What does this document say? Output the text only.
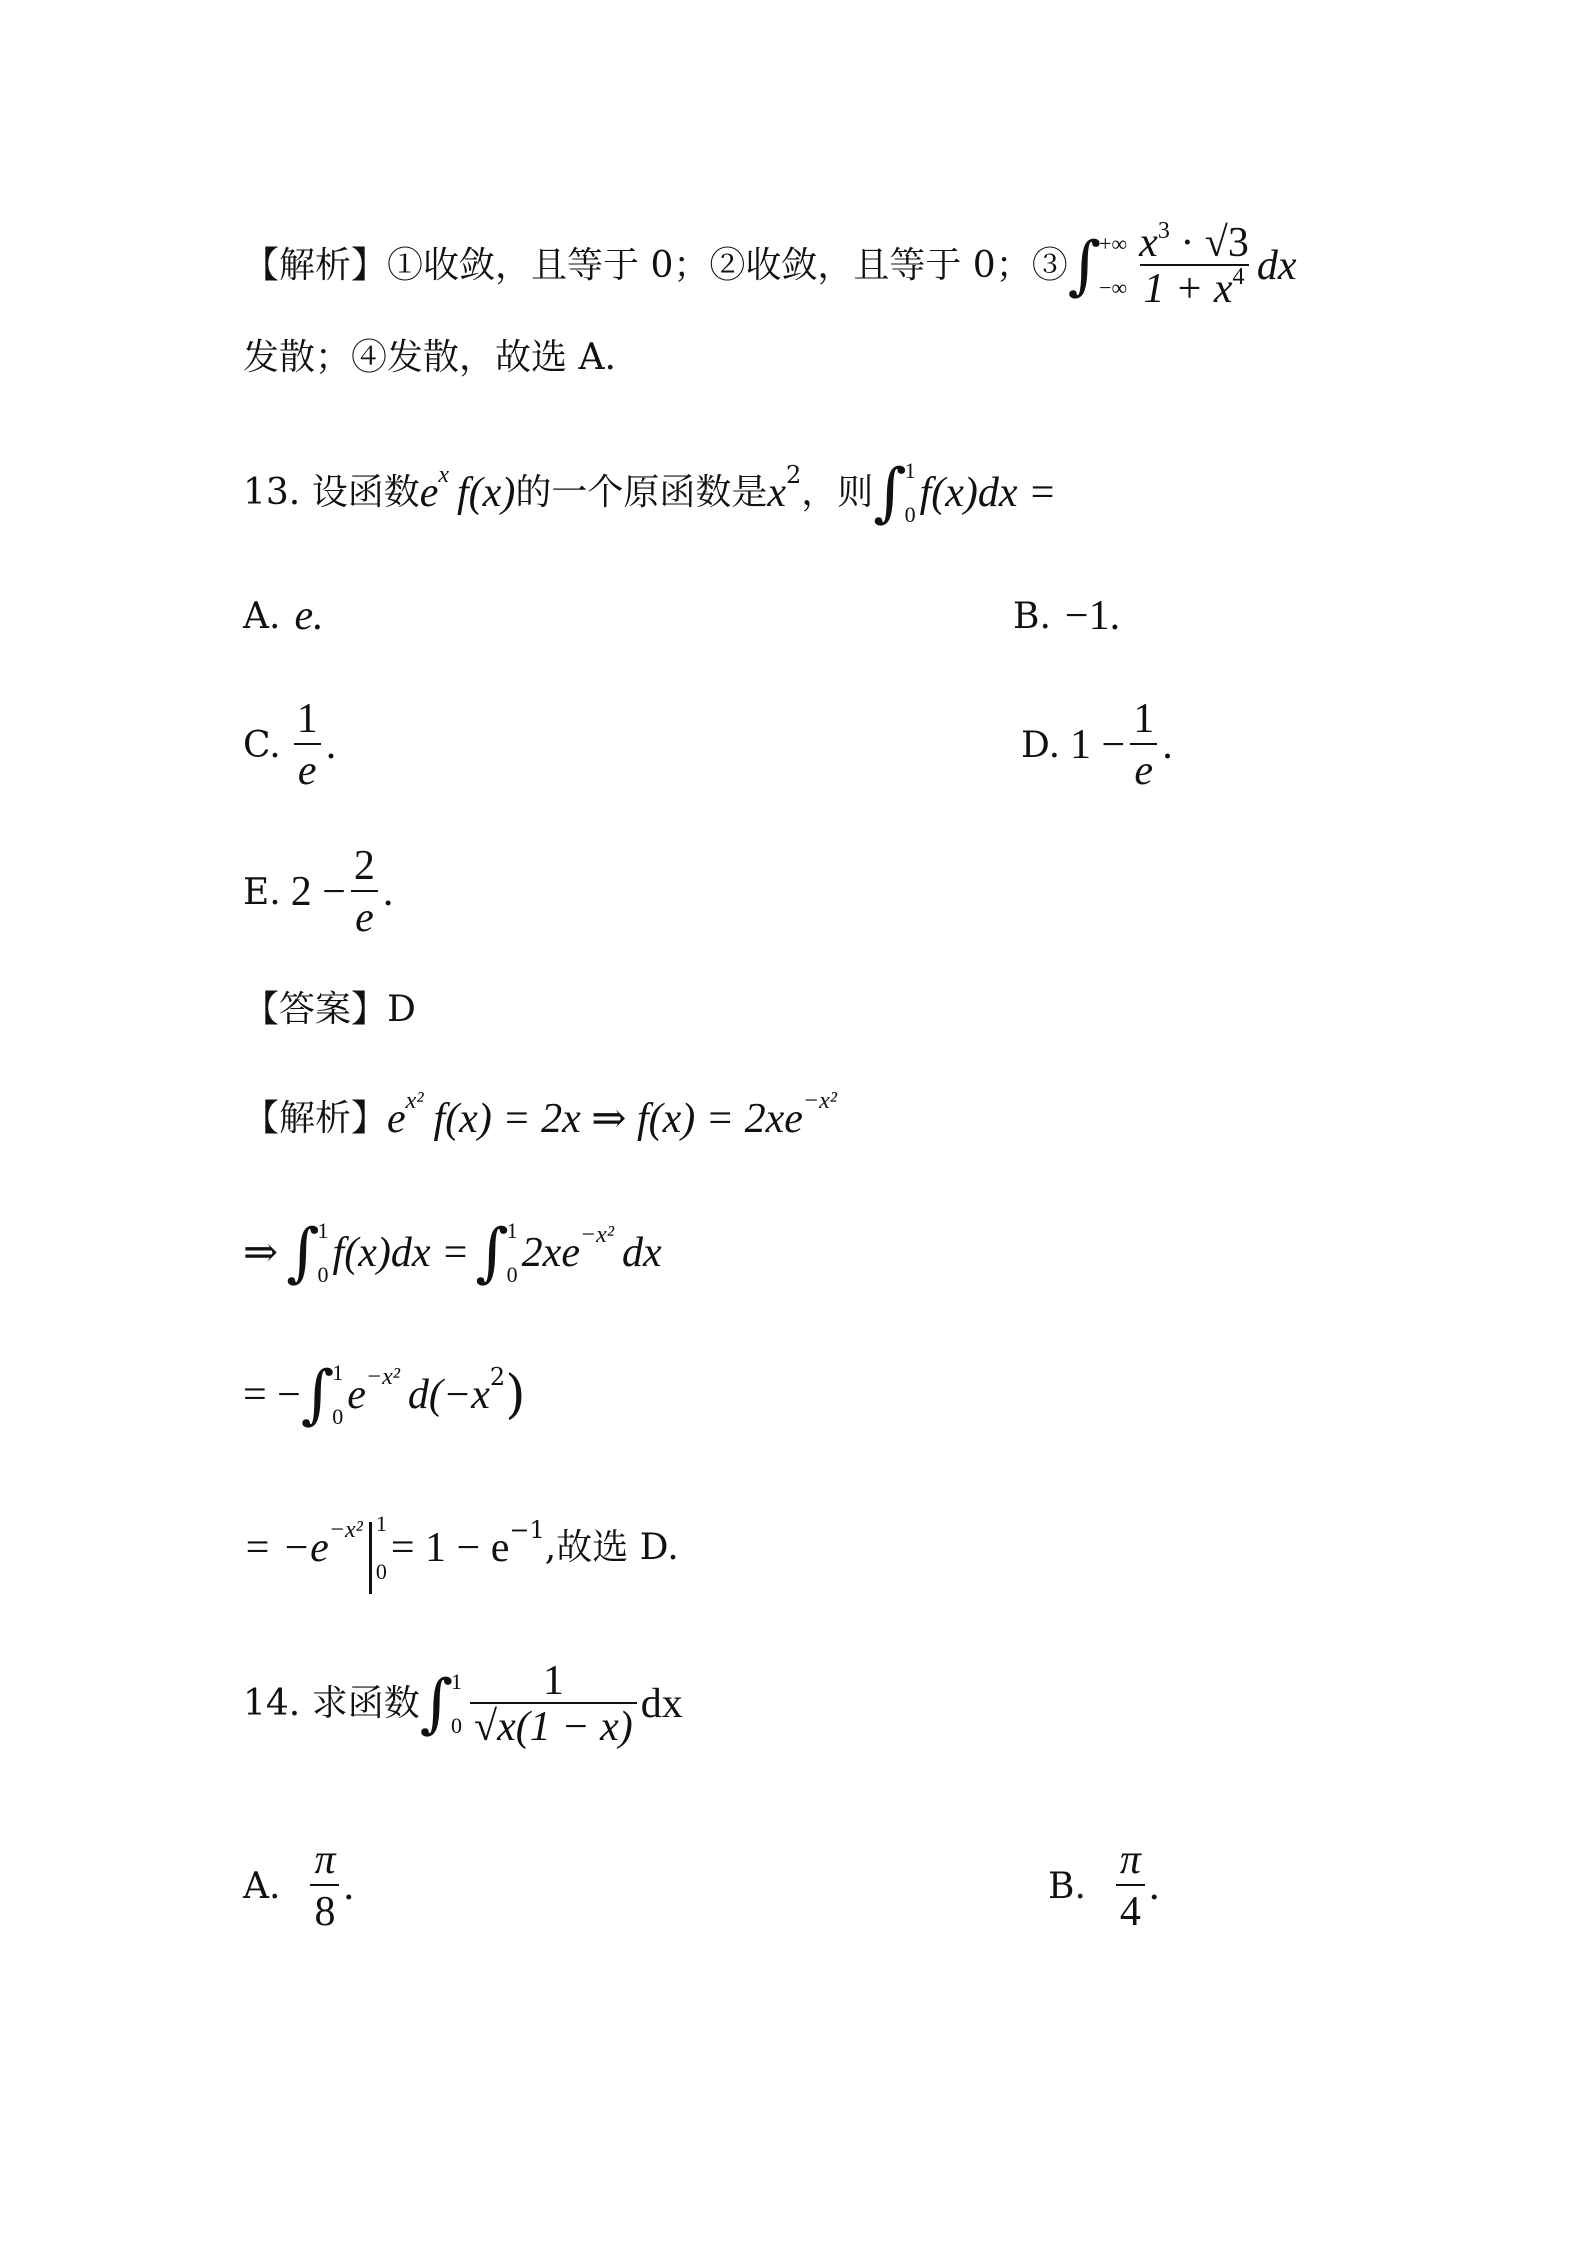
【解析】 ①收敛，且等于 0；②收敛，且等于 0；③ ∫
+∞
−∞ $\frac{x^3 \cdot √3}{1 + x^4}$ dx
发散；④发散，故选 A.
13. 设函数 e x f(x) 的一个原函数是 x 2 ，则 ∫
1
0 f(x)dx =
A. e.	B. −1.
C. $\frac{1}{e}$ .	D. $1 - \frac{1}{e}$ .
E. $2 - \frac{2}{e}$ .
【答案】 D
【解析】 e x² f(x) = 2x ⇒ f(x) = 2xe −x²
⇒ ∫
1
0 f(x)dx = ∫
1
0 2xe −x² dx
= − ∫
1
0 e −x² d(−x 2 )
= −e −x² 1
0
= 1 − e −1 ,故选 D.
14. 求函数 ∫
1
$0 \frac{1}{√x(1 - x)}$ dx
A. $\frac{\pi}{8}$ .	B. $\frac{\pi}{4}$ .
